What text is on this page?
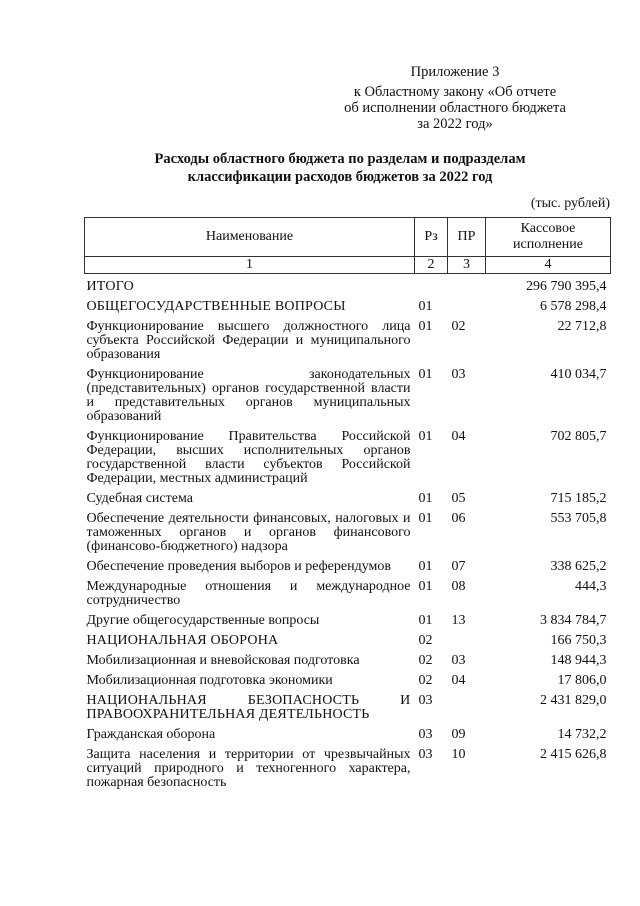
Приложение 3
к Областному закону «Об отчете
об исполнении областного бюджета
за 2022 год»
Расходы областного бюджета по разделам и подразделам
классификации расходов бюджетов за 2022 год
(тыс. рублей)
Наименование	Рз	ПР	Кассовое исполнение
1	2	3	4
ИТОГО			296 790 395,4
ОБЩЕГОСУДАРСТВЕННЫЕ ВОПРОСЫ	01		6 578 298,4
Функционирование высшего должностного лица субъекта Российской Федерации и муниципального образования	01	02	22 712,8
Функционирование законодательных (представительных) органов государственной власти и представительных органов муниципальных образований	01	03	410 034,7
Функционирование Правительства Российской Федерации, высших исполнительных органов государственной власти субъектов Российской Федерации, местных администраций	01	04	702 805,7
Судебная система	01	05	715 185,2
Обеспечение деятельности финансовых, налоговых и таможенных органов и органов финансового (финансово-бюджетного) надзора	01	06	553 705,8
Обеспечение проведения выборов и референдумов	01	07	338 625,2
Международные отношения и международное сотрудничество	01	08	444,3
Другие общегосударственные вопросы	01	13	3 834 784,7
НАЦИОНАЛЬНАЯ ОБОРОНА	02		166 750,3
Мобилизационная и вневойсковая подготовка	02	03	148 944,3
Мобилизационная подготовка экономики	02	04	17 806,0
НАЦИОНАЛЬНАЯ БЕЗОПАСНОСТЬ И ПРАВООХРАНИТЕЛЬНАЯ ДЕЯТЕЛЬНОСТЬ	03		2 431 829,0
Гражданская оборона	03	09	14 732,2
Защита населения и территории от чрезвычайных ситуаций природного и техногенного характера, пожарная безопасность	03	10	2 415 626,8
